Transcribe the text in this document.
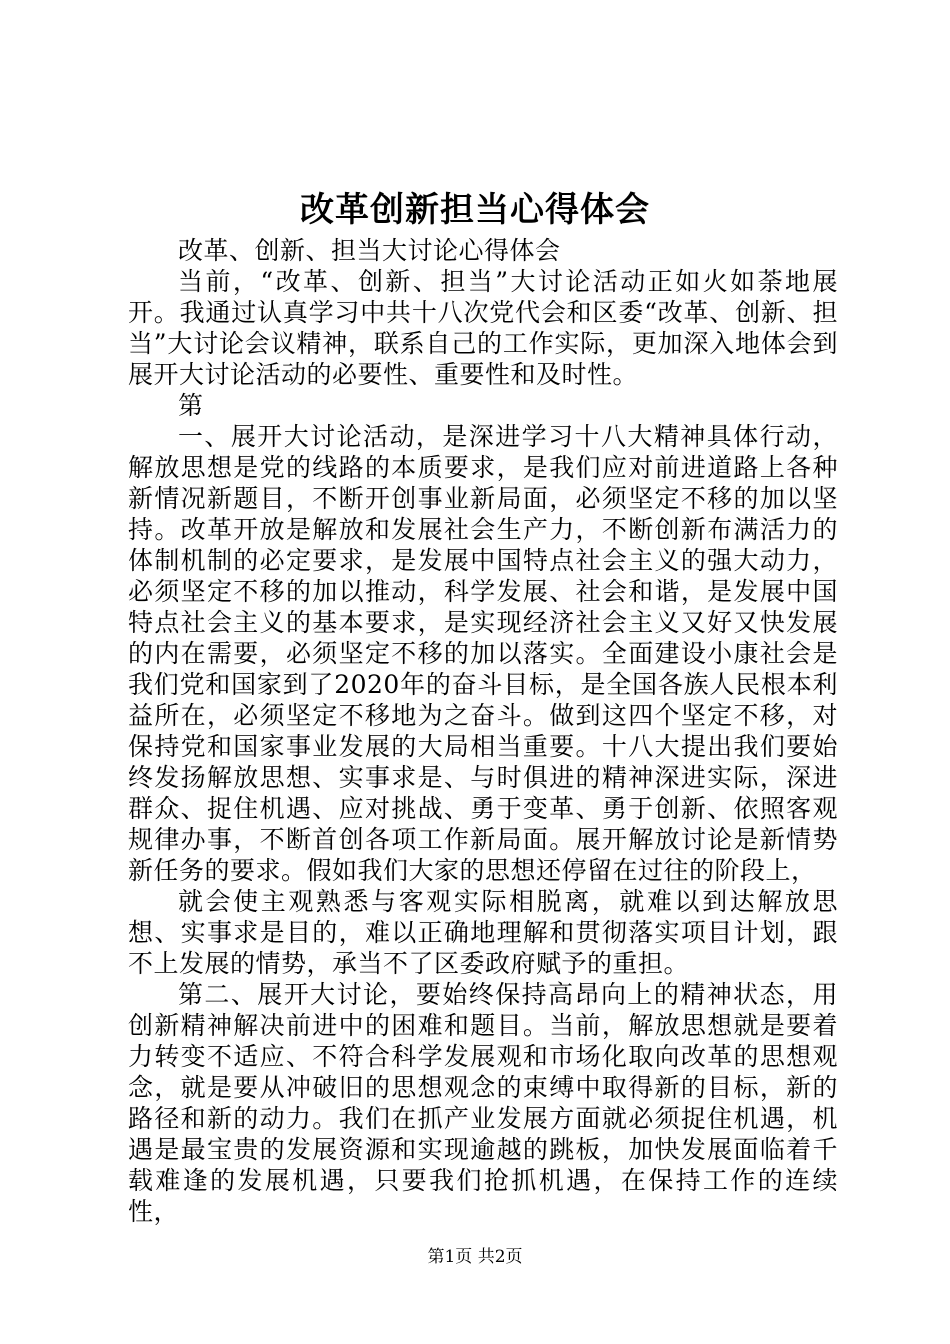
改革创新担当心得体会

改革、创新、担当大讨论心得体会

当前，“改革、创新、担当”大讨论活动正如火如荼地展开。我通过认真学习中共十八次党代会和区委“改革、创新、担当”大讨论会议精神，联系自己的工作实际，更加深入地体会到展开大讨论活动的必要性、重要性和及时性。

第

一、展开大讨论活动，是深进学习十八大精神具体行动，解放思想是党的线路的本质要求，是我们应对前进道路上各种新情况新题目，不断开创事业新局面，必须坚定不移的加以坚持。改革开放是解放和发展社会生产力，不断创新布满活力的体制机制的必定要求，是发展中国特点社会主义的强大动力，必须坚定不移的加以推动，科学发展、社会和谐，是发展中国特点社会主义的基本要求，是实现经济社会主义又好又快发展的内在需要，必须坚定不移的加以落实。全面建设小康社会是我们党和国家到了2020年的奋斗目标，是全国各族人民根本利益所在，必须坚定不移地为之奋斗。做到这四个坚定不移，对保持党和国家事业发展的大局相当重要。十八大提出我们要始终发扬解放思想、实事求是、与时俱进的精神深进实际，深进群众、捉住机遇、应对挑战、勇于变革、勇于创新、依照客观规律办事，不断首创各项工作新局面。展开解放讨论是新情势新任务的要求。假如我们大家的思想还停留在过往的阶段上，

就会使主观熟悉与客观实际相脱离，就难以到达解放思想、实事求是目的，难以正确地理解和贯彻落实项目计划，跟不上发展的情势，承当不了区委政府赋予的重担。

第二、展开大讨论，要始终保持高昂向上的精神状态，用创新精神解决前进中的困难和题目。当前，解放思想就是要着力转变不适应、不符合科学发展观和市场化取向改革的思想观念，就是要从冲破旧的思想观念的束缚中取得新的目标，新的路径和新的动力。我们在抓产业发展方面就必须捉住机遇，机遇是最宝贵的发展资源和实现逾越的跳板，加快发展面临着千载难逢的发展机遇，只要我们抢抓机遇，在保持工作的连续性，

第1页 共2页
